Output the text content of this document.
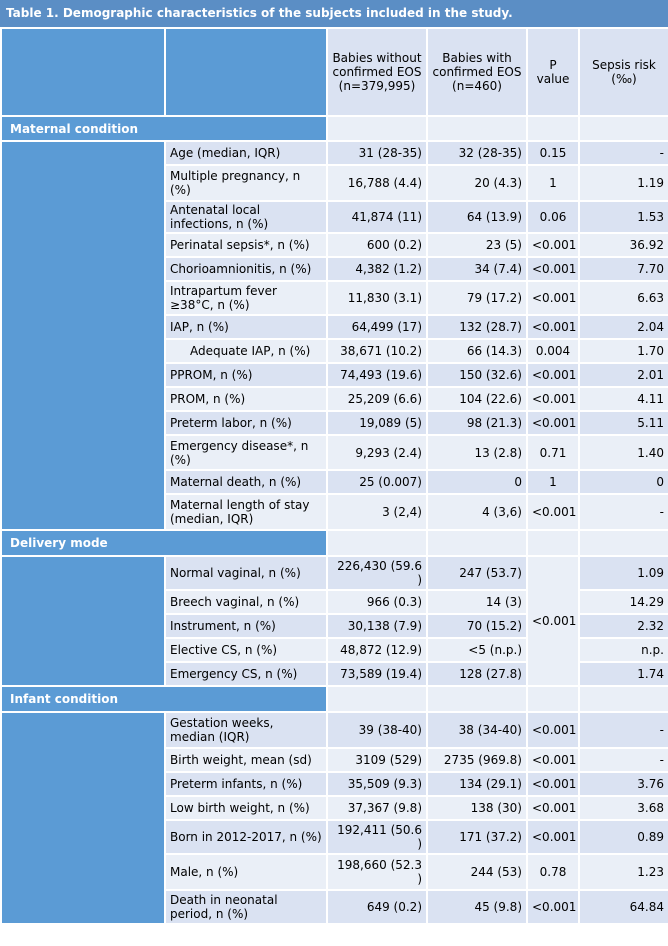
Table 1. Demographic characteristics of the subjects included in the study.
		Babies without confirmed EOS (n=379,995)	Babies with confirmed EOS (n=460)	P value	Sepsis risk (‰)
Maternal condition					
	Age (median, IQR)	31 (28-35)	32 (28-35)	0.15	-
	Multiple pregnancy, n (%)	16,788 (4.4)	20 (4.3)	1	1.19
	Antenatal local infections, n (%)	41,874 (11)	64 (13.9)	0.06	1.53
	Perinatal sepsis*, n (%)	600 (0.2)	23 (5)	<0.001	36.92
	Chorioamnionitis, n (%)	4,382 (1.2)	34 (7.4)	<0.001	7.70
	Intrapartum fever ≥38°C, n (%)	11,830 (3.1)	79 (17.2)	<0.001	6.63
	IAP, n (%)	64,499 (17)	132 (28.7)	<0.001	2.04
	Adequate IAP, n (%)	38,671 (10.2)	66 (14.3)	0.004	1.70
	PPROM, n (%)	74,493 (19.6)	150 (32.6)	<0.001	2.01
	PROM, n (%)	25,209 (6.6)	104 (22.6)	<0.001	4.11
	Preterm labor, n (%)	19,089 (5)	98 (21.3)	<0.001	5.11
	Emergency disease*, n (%)	9,293 (2.4)	13 (2.8)	0.71	1.40
	Maternal death, n (%)	25 (0.007)	0	1	0
	Maternal length of stay (median, IQR)	3 (2,4)	4 (3,6)	<0.001	-
Delivery mode					
	Normal vaginal, n (%)	226,430 (59.6 )	247 (53.7)	<0.001	1.09
	Breech vaginal, n (%)	966 (0.3)	14 (3)		14.29
	Instrument, n (%)	30,138 (7.9)	70 (15.2)		2.32
	Elective CS, n (%)	48,872 (12.9)	<5 (n.p.)		n.p.
	Emergency CS, n (%)	73,589 (19.4)	128 (27.8)		1.74
Infant condition					
	Gestation weeks, median (IQR)	39 (38-40)	38 (34-40)	<0.001	-
	Birth weight, mean (sd)	3109 (529)	2735 (969.8)	<0.001	-
	Preterm infants, n (%)	35,509 (9.3)	134 (29.1)	<0.001	3.76
	Low birth weight, n (%)	37,367 (9.8)	138 (30)	<0.001	3.68
	Born in 2012-2017, n (%)	192,411 (50.6 )	171 (37.2)	<0.001	0.89
	Male, n (%)	198,660 (52.3 )	244 (53)	0.78	1.23
	Death in neonatal period, n (%)	649 (0.2)	45 (9.8)	<0.001	64.84
